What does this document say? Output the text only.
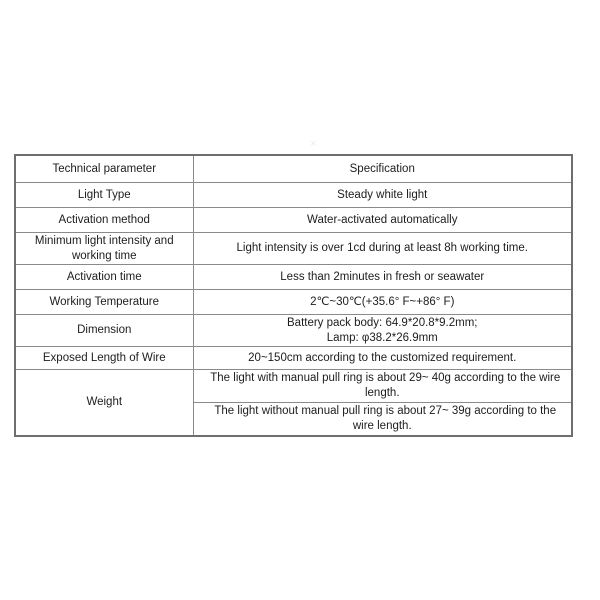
×
Technical parameter	Specification
Light Type	Steady white light
Activation method	Water-activated automatically
Minimum light intensity and working time	Light intensity is over 1cd during at least 8h working time.
Activation time	Less than 2minutes in fresh or seawater
Working Temperature	2℃~30℃(+35.6° F~+86° F)
Dimension	Battery pack body: 64.9*20.8*9.2mm;
Lamp: φ38.2*26.9mm

Exposed Length of Wire	20~150cm according to the customized requirement.
Weight	The light with manual pull ring is about 29~ 40g according to the wire length.
	The light without manual pull ring is about 27~ 39g according to the wire length.
